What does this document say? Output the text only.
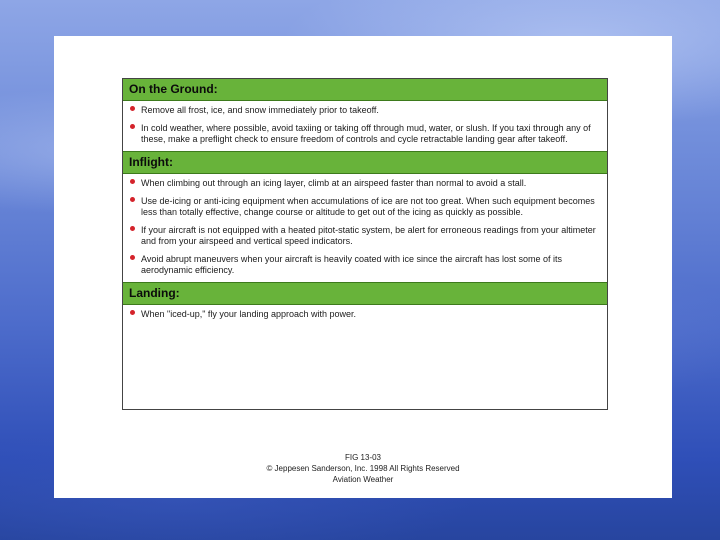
On the Ground:
Remove all frost, ice, and snow immediately prior to takeoff.
In cold weather, where possible, avoid taxiing or taking off through mud, water, or slush. If you taxi through any of these, make a preflight check to ensure freedom of controls and cycle retractable landing gear after takeoff.
Inflight:
When climbing out through an icing layer, climb at an airspeed faster than normal to avoid a stall.
Use de-icing or anti-icing equipment when accumulations of ice are not too great. When such equipment becomes less than totally effective, change course or altitude to get out of the icing as quickly as possible.
If your aircraft is not equipped with a heated pitot-static system, be alert for erroneous readings from your altimeter and from your airspeed and vertical speed indicators.
Avoid abrupt maneuvers when your aircraft is heavily coated with ice since the aircraft has lost some of its aerodynamic efficiency.
Landing:
When "iced-up," fly your landing approach with power.
FIG 13-03
© Jeppesen Sanderson, Inc. 1998 All Rights Reserved
Aviation Weather
